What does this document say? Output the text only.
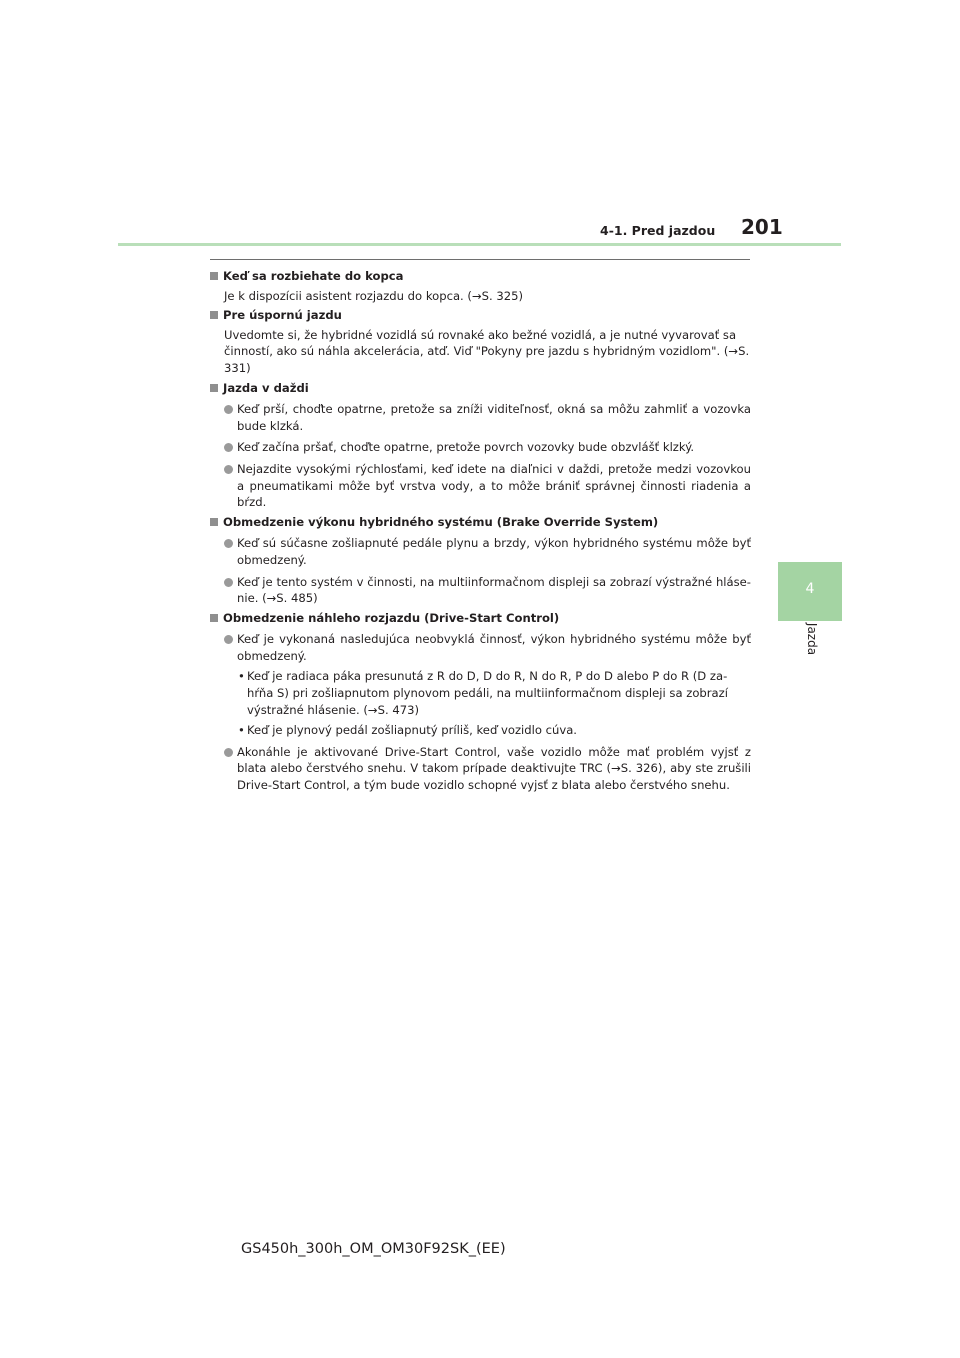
4-1. Pred jazdou 201
4
Jazda
Keď sa rozbiehate do kopca
Je k dispozícii asistent rozjazdu do kopca. (→S. 325)
Pre úspornú jazdu
Uvedomte si, že hybridné vozidlá sú rovnaké ako bežné vozidlá, a je nutné vyvarovať sa činností, ako sú náhla akcelerácia, atď. Viď "Pokyny pre jazdu s hybridným vozidlom". (→S. 331)
Jazda v daždi
Keď prší, choďte opatrne, pretože sa zníži viditeľnosť, okná sa môžu zahmliť a vozovka bude klzká.
Keď začína pršať, choďte opatrne, pretože povrch vozovky bude obzvlášť klzký.
Nejazdite vysokými rýchlosťami, keď idete na diaľnici v daždi, pretože medzi vozovkou a pneumatikami môže byť vrstva vody, a to môže brániť správnej činnosti riadenia a bŕzd.
Obmedzenie výkonu hybridného systému (Brake Override System)
Keď sú súčasne zošliapnuté pedále plynu a brzdy, výkon hybridného systému môže byť obmedzený.
Keď je tento systém v činnosti, na multiinformačnom displeji sa zobrazí výstražné hláse-nie. (→S. 485)
Obmedzenie náhleho rozjazdu (Drive-Start Control)
Keď je vykonaná nasledujúca neobvyklá činnosť, výkon hybridného systému môže byť obmedzený.
• Keď je radiaca páka presunutá z R do D, D do R, N do R, P do D alebo P do R (D za-hŕňa S) pri zošliapnutom plynovom pedáli, na multiinformačnom displeji sa zobrazí výstražné hlásenie. (→S. 473)
• Keď je plynový pedál zošliapnutý príliš, keď vozidlo cúva.
Akonáhle je aktivované Drive-Start Control, vaše vozidlo môže mať problém vyjsť z blata alebo čerstvého snehu. V takom prípade deaktivujte TRC (→S. 326), aby ste zrušili Drive-Start Control, a tým bude vozidlo schopné vyjsť z blata alebo čerstvého snehu.
GS450h_300h_OM_OM30F92SK_(EE)
